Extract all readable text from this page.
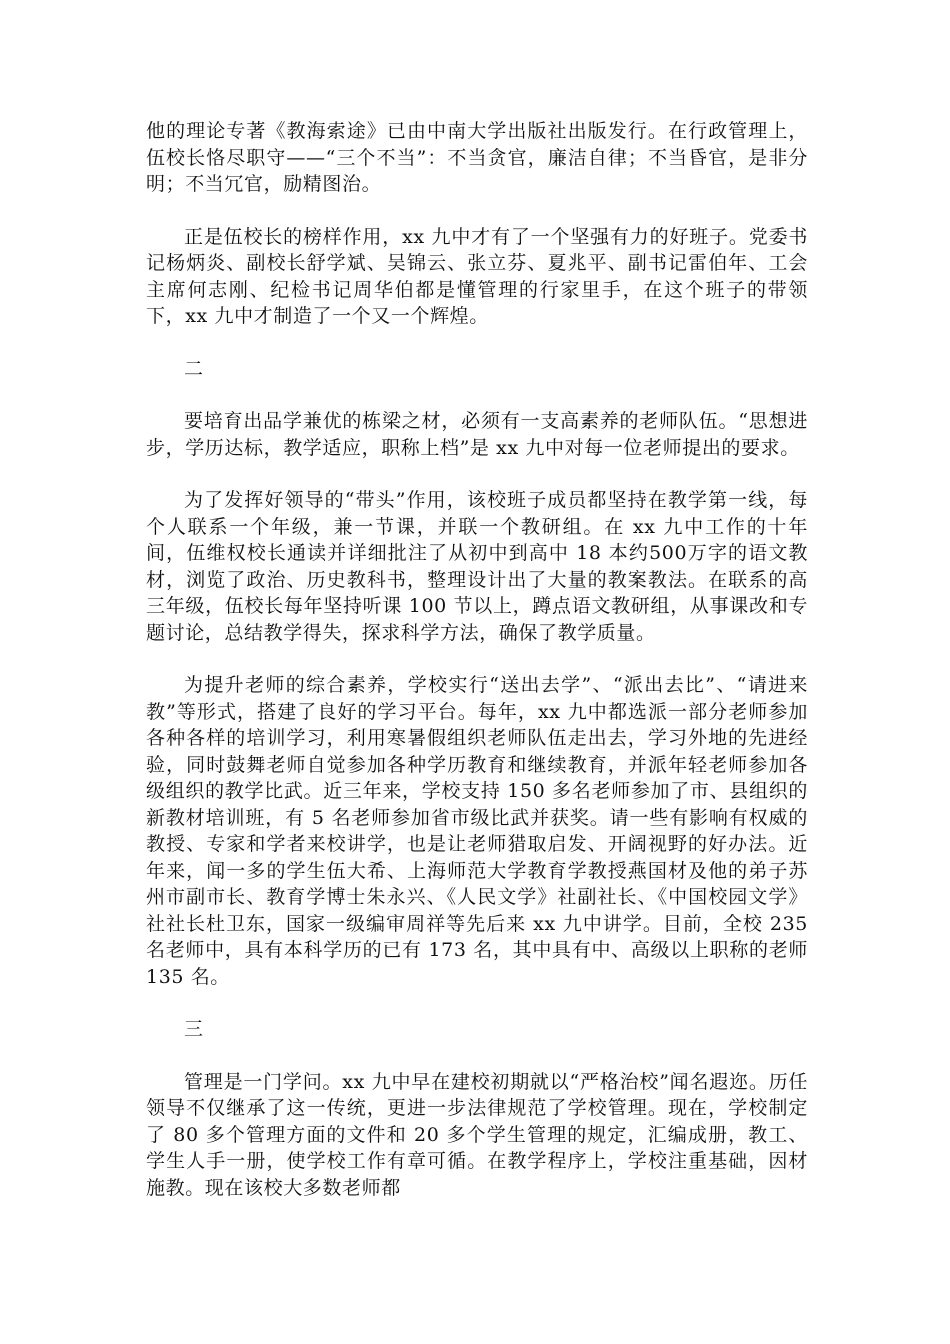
他的理论专著《教海索途》已由中南大学出版社出版发行。在行政管理上，伍校长恪尽职守——“三个不当”：不当贪官，廉洁自律；不当昏官，是非分明；不当冗官，励精图治。

正是伍校长的榜样作用，xx 九中才有了一个坚强有力的好班子。党委书记杨炳炎、副校长舒学斌、吴锦云、张立芬、夏兆平、副书记雷伯年、工会主席何志刚、纪检书记周华伯都是懂管理的行家里手，在这个班子的带领下，xx 九中才制造了一个又一个辉煌。

二

要培育出品学兼优的栋梁之材，必须有一支高素养的老师队伍。“思想进步，学历达标，教学适应，职称上档”是 xx 九中对每一位老师提出的要求。

为了发挥好领导的“带头”作用，该校班子成员都坚持在教学第一线，每个人联系一个年级，兼一节课，并联一个教研组。在 xx 九中工作的十年间，伍维权校长通读并详细批注了从初中到高中 18 本约500万字的语文教材，浏览了政治、历史教科书，整理设计出了大量的教案教法。在联系的高三年级，伍校长每年坚持听课 100 节以上，蹲点语文教研组，从事课改和专题讨论，总结教学得失，探求科学方法，确保了教学质量。

为提升老师的综合素养，学校实行“送出去学”、“派出去比”、“请进来教”等形式，搭建了良好的学习平台。每年，xx 九中都选派一部分老师参加各种各样的培训学习，利用寒暑假组织老师队伍走出去，学习外地的先进经验，同时鼓舞老师自觉参加各种学历教育和继续教育，并派年轻老师参加各级组织的教学比武。近三年来，学校支持 150 多名老师参加了市、县组织的新教材培训班，有 5 名老师参加省市级比武并获奖。请一些有影响有权威的教授、专家和学者来校讲学，也是让老师猎取启发、开阔视野的好办法。近年来，闻一多的学生伍大希、上海师范大学教育学教授燕国材及他的弟子苏州市副市长、教育学博士朱永兴、《人民文学》社副社长、《中国校园文学》社社长杜卫东，国家一级编审周祥等先后来 xx 九中讲学。目前，全校 235 名老师中，具有本科学历的已有 173 名，其中具有中、高级以上职称的老师 135 名。

三

管理是一门学问。xx 九中早在建校初期就以“严格治校”闻名遐迩。历任领导不仅继承了这一传统，更进一步法律规范了学校管理。现在，学校制定了 80 多个管理方面的文件和 20 多个学生管理的规定，汇编成册，教工、学生人手一册，使学校工作有章可循。在教学程序上，学校注重基础，因材施教。现在该校大多数老师都
